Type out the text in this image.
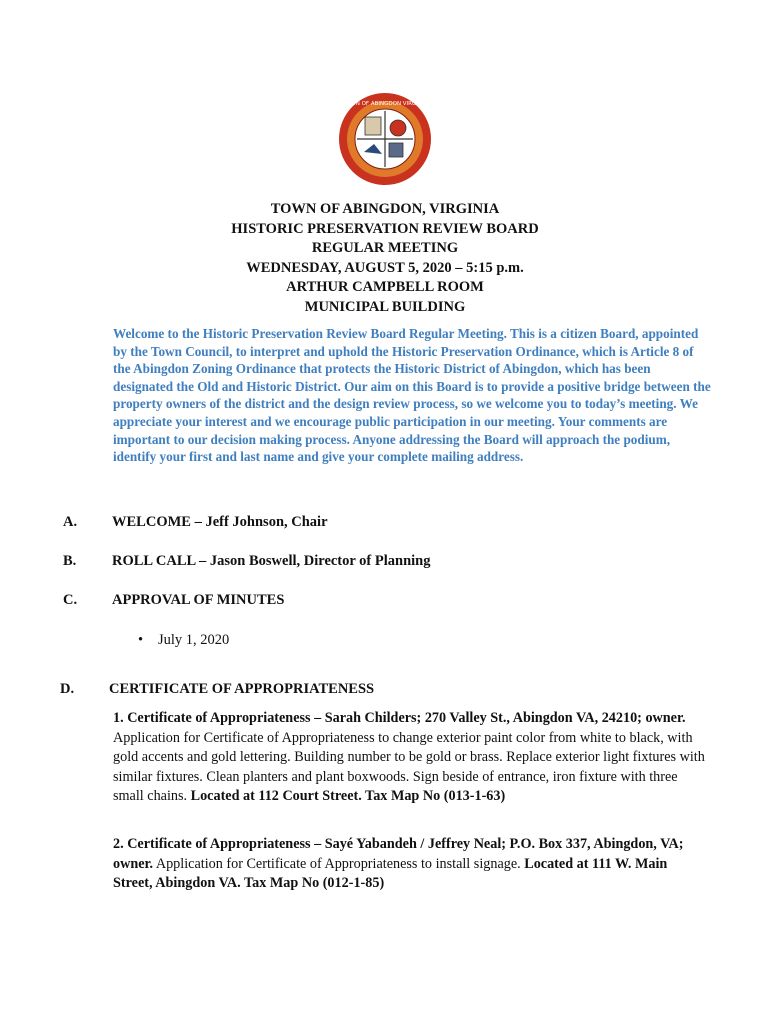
TOWN OF ABINGDON VIRGINIA
TOWN OF ABINGDON, VIRGINIA
HISTORIC PRESERVATION REVIEW BOARD
REGULAR MEETING
WEDNESDAY, AUGUST 5, 2020 – 5:15 p.m.
ARTHUR CAMPBELL ROOM
MUNICIPAL BUILDING
Welcome to the Historic Preservation Review Board Regular Meeting. This is a citizen Board, appointed by the Town Council, to interpret and uphold the Historic Preservation Ordinance, which is Article 8 of the Abingdon Zoning Ordinance that protects the Historic District of Abingdon, which has been designated the Old and Historic District. Our aim on this Board is to provide a positive bridge between the property owners of the district and the design review process, so we welcome you to today’s meeting. We appreciate your interest and we encourage public participation in our meeting. Your comments are important to our decision making process. Anyone addressing the Board will approach the podium, identify your first and last name and give your complete mailing address.
A. WELCOME – Jeff Johnson, Chair
B. ROLL CALL – Jason Boswell, Director of Planning
C. APPROVAL OF MINUTES
• July 1, 2020
D. CERTIFICATE OF APPROPRIATENESS
1. Certificate of Appropriateness – Sarah Childers; 270 Valley St., Abingdon VA, 24210; owner. Application for Certificate of Appropriateness to change exterior paint color from white to black, with gold accents and gold lettering. Building number to be gold or brass. Replace exterior light fixtures with similar fixtures. Clean planters and plant boxwoods. Sign beside of entrance, iron fixture with three small chains. Located at 112 Court Street. Tax Map No (013-1-63)
2. Certificate of Appropriateness – Sayé Yabandeh / Jeffrey Neal; P.O. Box 337, Abingdon, VA; owner. Application for Certificate of Appropriateness to install signage. Located at 111 W. Main Street, Abingdon VA. Tax Map No (012-1-85)
